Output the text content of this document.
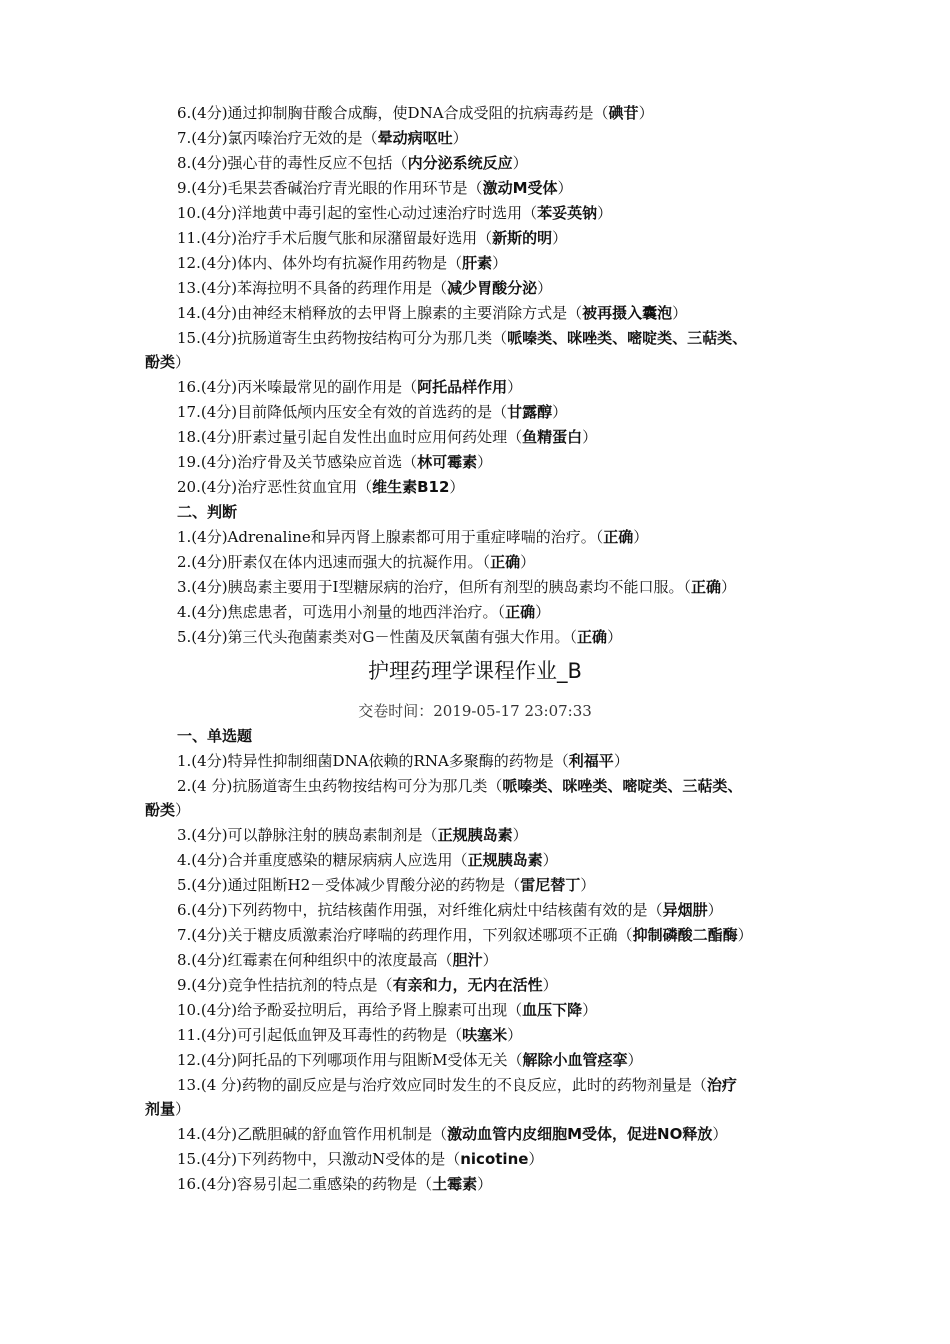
6.(4分)通过抑制胸苷酸合成酶，使DNA合成受阻的抗病毒药是（碘苷）
7.(4分)氯丙嗪治疗无效的是（晕动病呕吐）
8.(4分)强心苷的毒性反应不包括（内分泌系统反应）
9.(4分)毛果芸香碱治疗青光眼的作用环节是（激动M受体）
10.(4分)洋地黄中毒引起的室性心动过速治疗时选用（苯妥英钠）
11.(4分)治疗手术后腹气胀和尿潴留最好选用（新斯的明）
12.(4分)体内、体外均有抗凝作用药物是（肝素）
13.(4分)苯海拉明不具备的药理作用是（减少胃酸分泌）
14.(4分)由神经末梢释放的去甲肾上腺素的主要消除方式是（被再摄入囊泡）
15.(4分)抗肠道寄生虫药物按结构可分为那几类（哌嗪类、咪唑类、嘧啶类、三萜类、
酚类）
16.(4分)丙米嗪最常见的副作用是（阿托品样作用）
17.(4分)目前降低颅内压安全有效的首选药的是（甘露醇）
18.(4分)肝素过量引起自发性出血时应用何药处理（鱼精蛋白）
19.(4分)治疗骨及关节感染应首选（林可霉素）
20.(4分)治疗恶性贫血宜用（维生素B12）
二、判断
1.(4分)Adrenaline和异丙肾上腺素都可用于重症哮喘的治疗。（正确）
2.(4分)肝素仅在体内迅速而强大的抗凝作用。（正确）
3.(4分)胰岛素主要用于Ⅰ型糖尿病的治疗，但所有剂型的胰岛素均不能口服。（正确）
4.(4分)焦虑患者，可选用小剂量的地西泮治疗。（正确）
5.(4分)第三代头孢菌素类对G－性菌及厌氧菌有强大作用。（正确）
护理药理学课程作业_B
交卷时间：2019-05-17 23:07:33
一、单选题
1.(4分)特异性抑制细菌DNA依赖的RNA多聚酶的药物是（利福平）
2.(4 分)抗肠道寄生虫药物按结构可分为那几类（哌嗪类、咪唑类、嘧啶类、三萜类、
酚类）
3.(4分)可以静脉注射的胰岛素制剂是（正规胰岛素）
4.(4分)合并重度感染的糖尿病病人应选用（正规胰岛素）
5.(4分)通过阻断H2－受体减少胃酸分泌的药物是（雷尼替丁）
6.(4分)下列药物中，抗结核菌作用强，对纤维化病灶中结核菌有效的是（异烟肼）
7.(4分)关于糖皮质激素治疗哮喘的药理作用，下列叙述哪项不正确（抑制磷酸二酯酶）
8.(4分)红霉素在何种组织中的浓度最高（胆汁）
9.(4分)竞争性拮抗剂的特点是（有亲和力，无内在活性）
10.(4分)给予酚妥拉明后，再给予肾上腺素可出现（血压下降）
11.(4分)可引起低血钾及耳毒性的药物是（呋塞米）
12.(4分)阿托品的下列哪项作用与阻断M受体无关（解除小血管痉挛）
13.(4 分)药物的副反应是与治疗效应同时发生的不良反应，此时的药物剂量是（治疗
剂量）
14.(4分)乙酰胆碱的舒血管作用机制是（激动血管内皮细胞M受体，促进NO释放）
15.(4分)下列药物中，只激动N受体的是（nicotine）
16.(4分)容易引起二重感染的药物是（土霉素）
